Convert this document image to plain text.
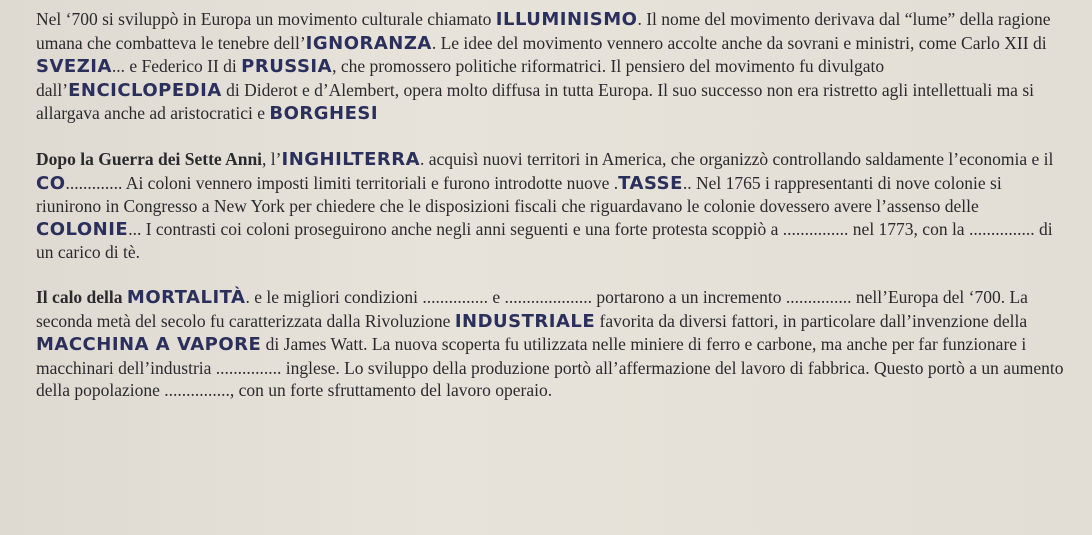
Nel ‘700 si sviluppò in Europa un movimento culturale chiamato ILLUMINISMO. Il nome del movimento derivava dal “lume” della ragione umana che combatteva le tenebre dell’IGNORANZA. Le idee del movimento vennero accolte anche da sovrani e ministri, come Carlo XII di SVEZIA... e Federico II di PRUSSIA, che promossero politiche riformatrici. Il pensiero del movimento fu divulgato dall’ENCICLOPEDIA di Diderot e d’Alembert, opera molto diffusa in tutta Europa. Il suo successo non era ristretto agli intellettuali ma si allargava anche ad aristocratici e BORGHESI

Dopo la Guerra dei Sette Anni, l’INGHILTERRA. acquisì nuovi territori in America, che organizzò controllando saldamente l’economia e il CO............. Ai coloni vennero imposti limiti territoriali e furono introdotte nuove .TASSE.. Nel 1765 i rappresentanti di nove colonie si riunirono in Congresso a New York per chiedere che le disposizioni fiscali che riguardavano le colonie dovessero avere l’assenso delle COLONIE... I contrasti coi coloni proseguirono anche negli anni seguenti e una forte protesta scoppiò a ............... nel 1773, con la ............... di un carico di tè.

Il calo della MORTALITÀ. e le migliori condizioni ............... e .................... portarono a un incremento ............... nell’Europa del ‘700. La seconda metà del secolo fu caratterizzata dalla Rivoluzione INDUSTRIALE favorita da diversi fattori, in particolare dall’invenzione della MACCHINA A VAPORE di James Watt. La nuova scoperta fu utilizzata nelle miniere di ferro e carbone, ma anche per far funzionare i macchinari dell’industria ............... inglese. Lo sviluppo della produzione portò all’affermazione del lavoro di fabbrica. Questo portò a un aumento della popolazione ..............., con un forte sfruttamento del lavoro operaio.
